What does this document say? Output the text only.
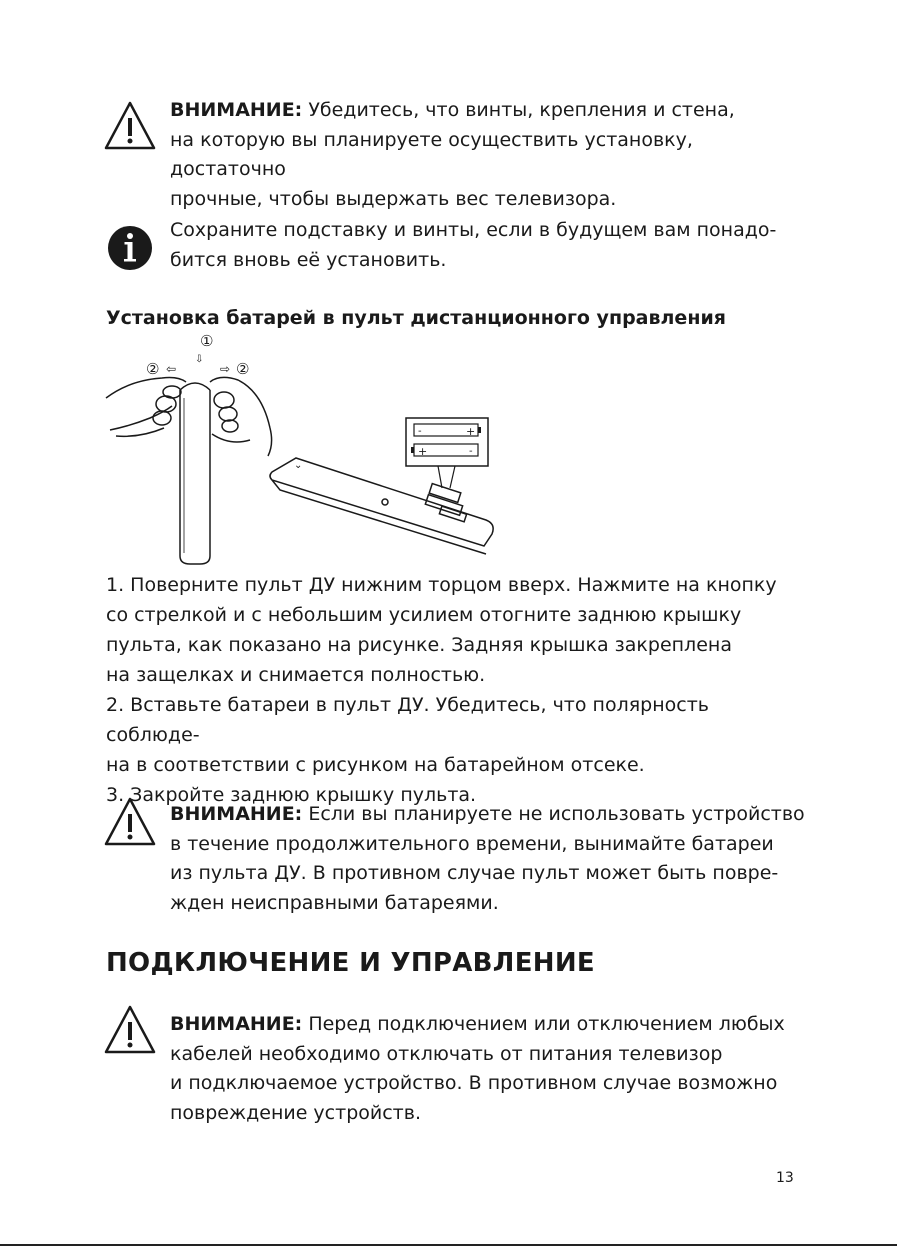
ВНИМАНИЕ: Убедитесь, что винты, крепления и стена,
на которую вы планируете осуществить установку, достаточно
прочные, чтобы выдержать вес телевизора.
Сохраните подставку и винты, если в будущем вам понадо-
бится вновь её установить.
Установка батарей в пульт дистанционного управления
①
⇩
② ⇦	⇨ ②
⌄
-	+
+	-
1. Поверните пульт ДУ нижним торцом вверх. Нажмите на кнопку
со стрелкой и с небольшим усилием отогните заднюю крышку
пульта, как показано на рисунке. Задняя крышка закреплена
на защелках и снимается полностью.
2. Вставьте батареи в пульт ДУ. Убедитесь, что полярность соблюде-
на в соответствии с рисунком на батарейном отсеке.
3. Закройте заднюю крышку пульта.
ВНИМАНИЕ: Если вы планируете не использовать устройство
в течение продолжительного времени, вынимайте батареи
из пульта ДУ. В противном случае пульт может быть повре-
жден неисправными батареями.
ПОДКЛЮЧЕНИЕ И УПРАВЛЕНИЕ
ВНИМАНИЕ: Перед подключением или отключением любых
кабелей необходимо отключать от питания телевизор
и подключаемое устройство. В противном случае возможно
повреждение устройств.
13
